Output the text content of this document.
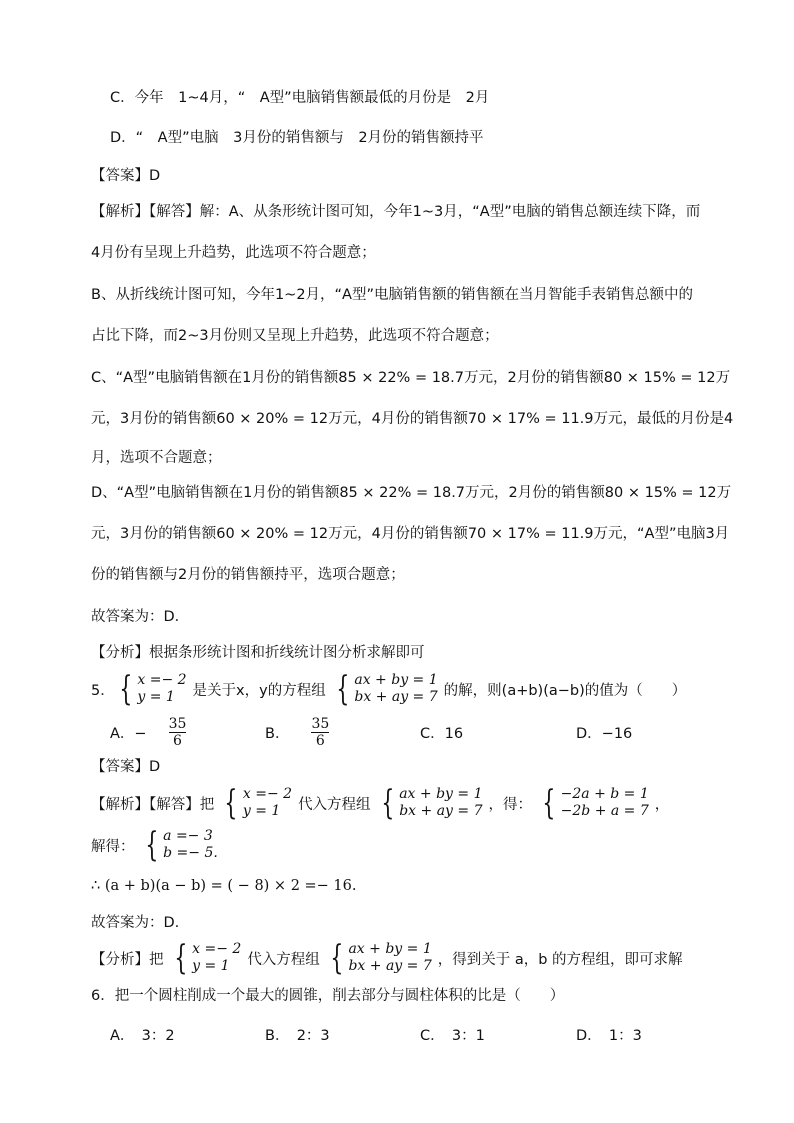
C．今年　1~4月，“　A型”电脑销售额最低的月份是　2月
D．“　A型”电脑　3月份的销售额与　2月份的销售额持平
【答案】D
【解析】【解答】解：A、从条形统计图可知，今年1~3月，“A型”电脑的销售总额连续下降，而
4月份有呈现上升趋势，此选项不符合题意；
B、从折线统计图可知，今年1~2月，“A型”电脑销售额的销售额在当月智能手表销售总额中的
占比下降，而2~3月份则又呈现上升趋势，此选项不符合题意；
C、“A型”电脑销售额在1月份的销售额85 × 22% = 18.7万元，2月份的销售额80 × 15% = 12万
元，3月份的销售额60 × 20% = 12万元，4月份的销售额70 × 17% = 11.9万元，最低的月份是4
月，选项不合题意；
D、“A型”电脑销售额在1月份的销售额85 × 22% = 18.7万元，2月份的销售额80 × 15% = 12万
元，3月份的销售额60 × 20% = 12万元，4月份的销售额70 × 17% = 11.9万元，“A型”电脑3月
份的销售额与2月份的销售额持平，选项合题意；
故答案为：D．
【分析】根据条形统计图和折线统计图分析求解即可
5． { x =− 2
y = 1	是关于x，y的方程组 { ax + by = 1
bx + ay = 7 的解，则(a+b)(a−b)的值为（　　）
A．− $\frac{35}{6}$	B． $\frac{35}{6}$	C．16	D．−16
【答案】D
【解析】【解答】把 { x =− 2
y = 1	代入方程组 { ax + by = 1
bx + ay = 7 ，得： { −2a + b = 1
−2b + a = 7 ，
解得： { a =− 3
b =− 5.
∴ (a + b)(a − b) = ( − 8) × 2 =− 16.
故答案为：D.
【分析】把 { x =− 2
y = 1	代入方程组 { ax + by = 1
bx + ay = 7 ，得到关于 a，b 的方程组，即可求解
6．把一个圆柱削成一个最大的圆锥，削去部分与圆柱体积的比是（　　）
A．　3：2	B．　2：3	C．　3：1	D．　1：3
